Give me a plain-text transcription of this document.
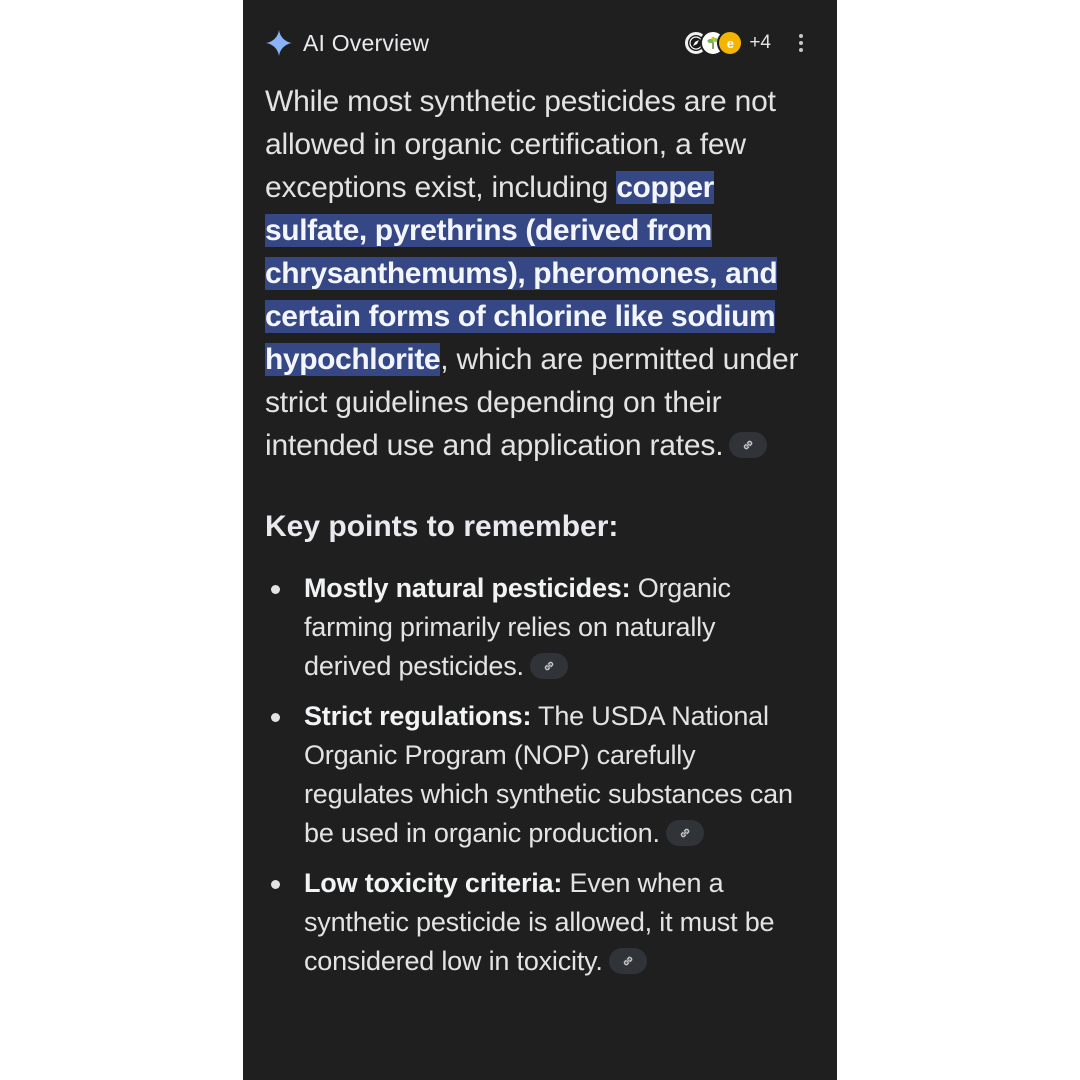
AI Overview	e +4

While most synthetic pesticides are not allowed in organic certification, a few exceptions exist, including copper sulfate, pyrethrins (derived from chrysanthemums), pheromones, and certain forms of chlorine like sodium hypochlorite, which are permitted under strict guidelines depending on their intended use and application rates.

Key points to remember:
Mostly natural pesticides: Organic farming primarily relies on naturally derived pesticides.
Strict regulations: The USDA National Organic Program (NOP) carefully regulates which synthetic substances can be used in organic production.
Low toxicity criteria: Even when a synthetic pesticide is allowed, it must be considered low in toxicity.
